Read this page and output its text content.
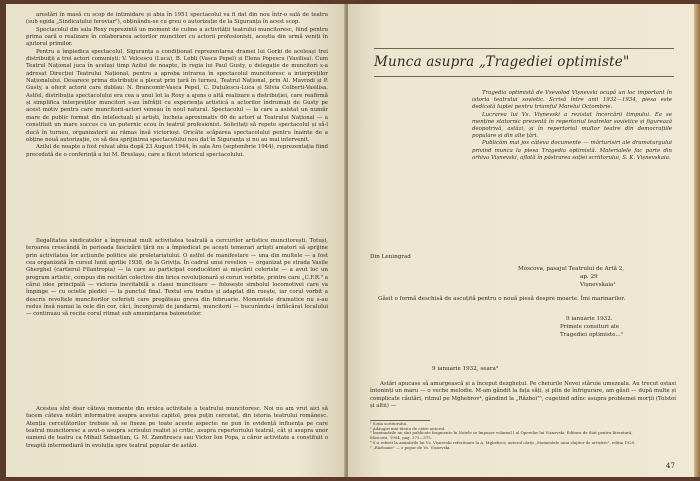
arestări în masă cu scop de intimidare și abia în 1951 spectacolul va fi dat din nou într-o sală de teatru (sub egida „Sindicatului feroviar"), obținându-se cu greu o autorizație de la Siguranța în acest scop.

Spectacolul din sala Roxy reprezintă un moment de culme a activității teatrului muncitoresc, fiind pentru prima oară o realizare în colaborarea actorilor muncitori cu actorii profesioniști, aceștia din urmă veniți în ajutorul primilor.

Pentru a împiedica spectacolul, Siguranța a condiționat reprezentarea dramei lui Gorki de aceleași trei distribuiții a trei actori comuniști: V. Velcescu (Luca), B. Lebli (Vasca Pepel) și Elena Popescu (Vasilisa). Cum Teatrul Național juca în același timp Azilul de noapte, în regia lui Paul Gusty, o delegație de muncitori s-a adresat Direcției Teatrului Național, pentru a aproba intrarea în spectacolul muncitoresc a interpreților Naționalului. Desarece prima distribuție a plecat prin țară în turneu, Teatrul Național, prin Al. Mavrodi și P. Gusty, a oferit actorii care dublau: N. Brancomir-Vasca Pepel, C. Duțulescu-Luca și Silvia Colberti-Vasilisa. Astfel, distribuția spectacolului era cea a unui lot la Roxy a ajuns o altă realizare a distribuției, care reafirmă și simplifica interpreților muncitori s-au înfrățit cu experiența artistică a actorilor îndrumați de Gusty pe acest motiv pentru care muncitorii-actori veneau în noul natural. Spectacolul — la care a asistat un număr mare de public format din intelectuali și artiști, încheia aproximativ 60 de actori ai Teatrului Național — a constituit un mare succes cu un puternic ecou în teatrul profesionist. Solicitați să repete spectacolul și să-l ducă în turneu, organizatorii au rămas însă victorioși. Oricâte scăparea spectacolului pentru înainte de a obține nouă autorizație, ce să dea sprijinirea spectacolului nou dat în Siguranța și nu au mai intervenit.

Azilul de noapte a fost reluat abia după 23 August 1944, în sala Aro (septembrie 1944), reprezentația fiind precedată de o conferință a lui M. Breslașu, care a făcut istoricul spectacolului.

Ilegalitatea sindicatelor a îngreunat mult activitatea teatrală a cercurilor artistice muncitorești. Totuși, teroarea crescândă în perioada fascizării țării nu a împiedicat pe acești temerari artiști amatori să sprijine prin activitatea lor acțiunile politice ale proletariatului. O astfel de manifestare — una din multele — a fost cea organizată în cursul lunii aprilie 1938, de la Grivița. În cadrul unui revelion — organizat pe strada Vasile Gherghel (cartierul Filantropia) — la care au participat conducători ai mișcării celeriste — a avut loc un program artistic, compus din recitări colective din lirica revoluționară și coruri vorbite, printre care „C.F.R." a cărui idee principală — victoria inevitabilă a clasei muncitoare — folosește simbolul locomotivei care va împinge — cu ocietle piedici — la punctul final. Textul era tradus și adaptat din ruește, iar corul vorbit a descris revoltele muncitorilor ceferiști care pregăteau greva din februarie. Momentele dramatice nu s-au redus însă numai la cele din cor, căci, înconjurați de jandarmi, muncitorii — bucurându-i înflăcărat localului — continuau să recite corul ritmat sub amenințarea baionetelor.

Acestea sînt doar câteva momente din eroica activitate a teatrului muncitoresc. Noi nu am vrut aici să facem câteva notări informative asupra acestui capitol, prea puțin cercetat, din istoria teatrului românesc. Atenția cercetătorilor trebuie să se fixeze pe toate aceste aspecte: ne pun în evidență influența pe care teatrul muncitoresc a avut-o asupra scrisului realist și critic, asupra repertoriului teatral, cât și asupra unor oameni de teatru ca Mihail Sebastian, G. M. Zamfirescu sau Victor Ion Popa, a căror activitate a constituit o treaptă intermediară în evoluția spre teatrul popular de astăzi.

Munca asupra „Tragediei optimiste"

Tragedia optimistă de Vsevolod Vișnevski ocupă un loc important în istoria teatrului sovietic. Scrisă între anii 1932—1934, piesa este dedicată luptei pentru triumful Marelui Octombrie.

Lucrarea lui Vs. Vișnevski a rezistat încercării timpului. Ea se menține statornic prezentă în repertoriul teatrelor sovietice și figurează deopotrivă, astăzi, și în repertoriul multor teatre din democrațiile populare și din alte țări.

Publicăm mai jos câteva documente — mărturisiri ale dramaturgului privind munca la piesa Tragedia optimistă. Materialele fac parte din arhiva Vișnevski, aflată în păstrarea soției scriitorului, S. K. Vișnevskaia.

Din Leningrad
Moscova, pasajul Teatrului de Artă 2,
ap. 29
Vișnevskaia¹
Găsit o formă deschisă de ascuțită pentru o nouă piesă despre moarte. Îmi marinarilor.
9 ianuarie 1932.
Primele consituri ale
Tragediei optimiste...²
9 ianuarie 1932, seara³

Astări apucase să amurgească și a început dezghețul. Pe cheiurile Nevei stăruie umezeala. Au trecut ostasi întoninți un maru — o veche melodie. M-am gândit la fața săți, și plin de înfrigurare, am găsit — după multe și complicate căutări, ritmul pe Mghebrov⁴, gândind la „Război"⁵, cugetind adînc asupra problemei morții (Tolstoi și altii) —

¹ Soția scriitorului.
² Adăugiri mai târziu de către autorul.
³ Însemnările nu sînt publicate fragmente în Notele se împușse volumul I al Operelor lui Vișnevski. Editura de Stat pentru literatură, Moscova, 1954, pag. 371—375.
⁴ S-a referit la amintirile lui Vs. Vișnevski referitoare la A. Mghebrov, autorul cărții „Momentele unui slujitor de artiștire", ediția 1929.
⁵ „Războaie" — o popor de Vs. Vișnevski.
47
